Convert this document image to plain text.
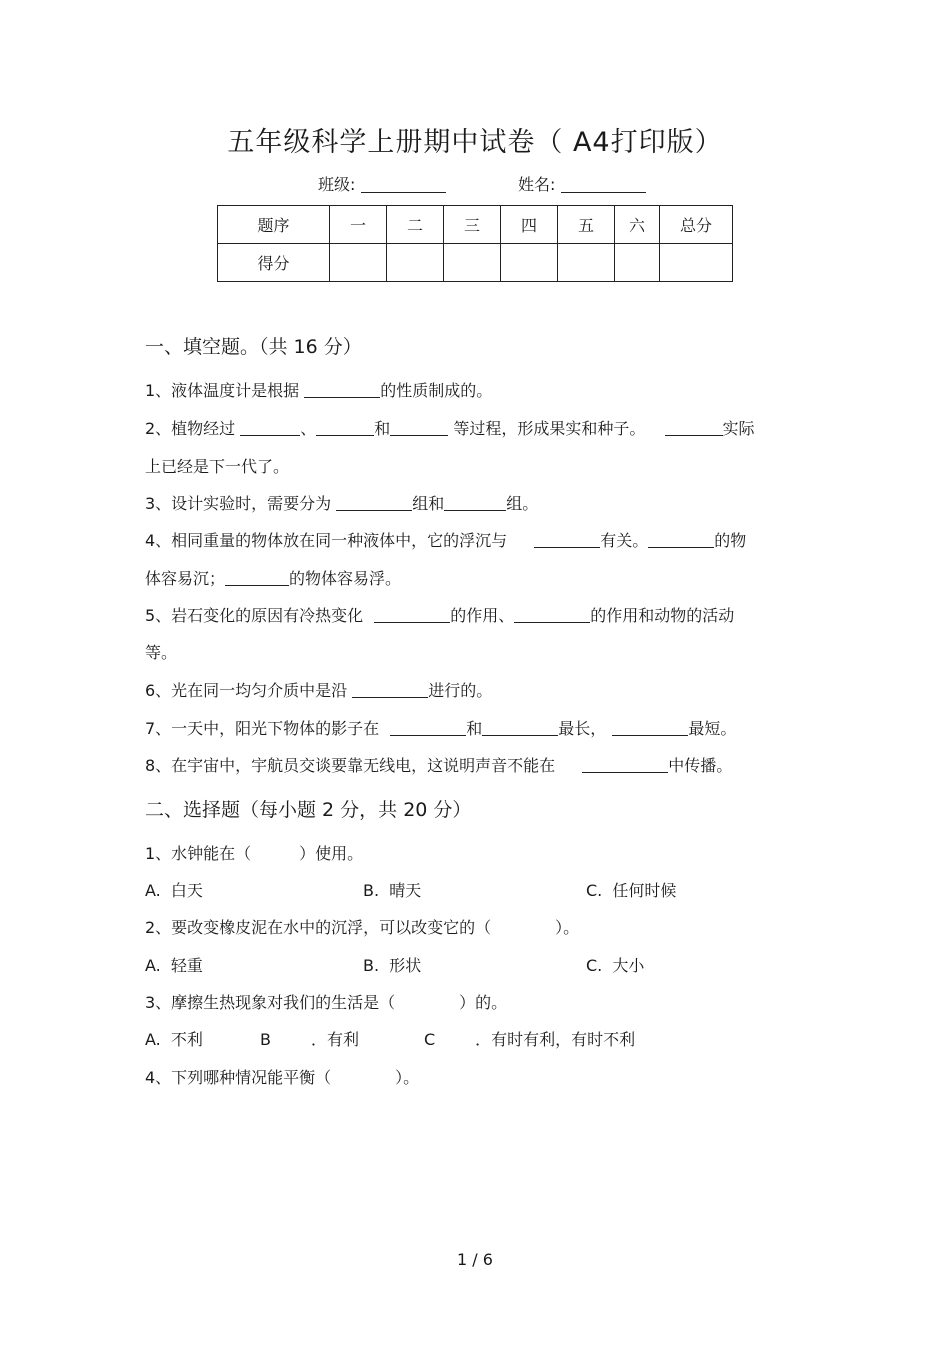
五年级科学上册期中试卷（ A4打印版）
班级:	姓名:
题序	一	二	三	四	五	六	总分
得分							
一、填空题。（共 16 分）
1、液体温度计是根据	的性质制成的。
2、植物经过	、	和	等过程，形成果实和种子。	实际
上已经是下一代了。
3、设计实验时，需要分为	组和	组。
4、相同重量的物体放在同一种液体中，它的浮沉与	有关。	的物
体容易沉；	的物体容易浮。
5、岩石变化的原因有冷热变化	的作用、	的作用和动物的活动
等。
6、光在同一均匀介质中是沿	进行的。
7、一天中，阳光下物体的影子在	和	最长，	最短。
8、在宇宙中，宇航员交谈要靠无线电，这说明声音不能在	中传播。
二、选择题（每小题 2 分，共 20 分）
1、水钟能在（　　　）使用。
A.  白天	B.  晴天	C.  任何时候
2、要改变橡皮泥在水中的沉浮，可以改变它的（　　　　）。
A.  轻重	B.  形状	C.  大小
3、摩擦生热现象对我们的生活是（　　　　）的。
A.  不利	B	．有利	C	．有时有利，有时不利
4、下列哪种情况能平衡（　　　　）。
1 / 6
